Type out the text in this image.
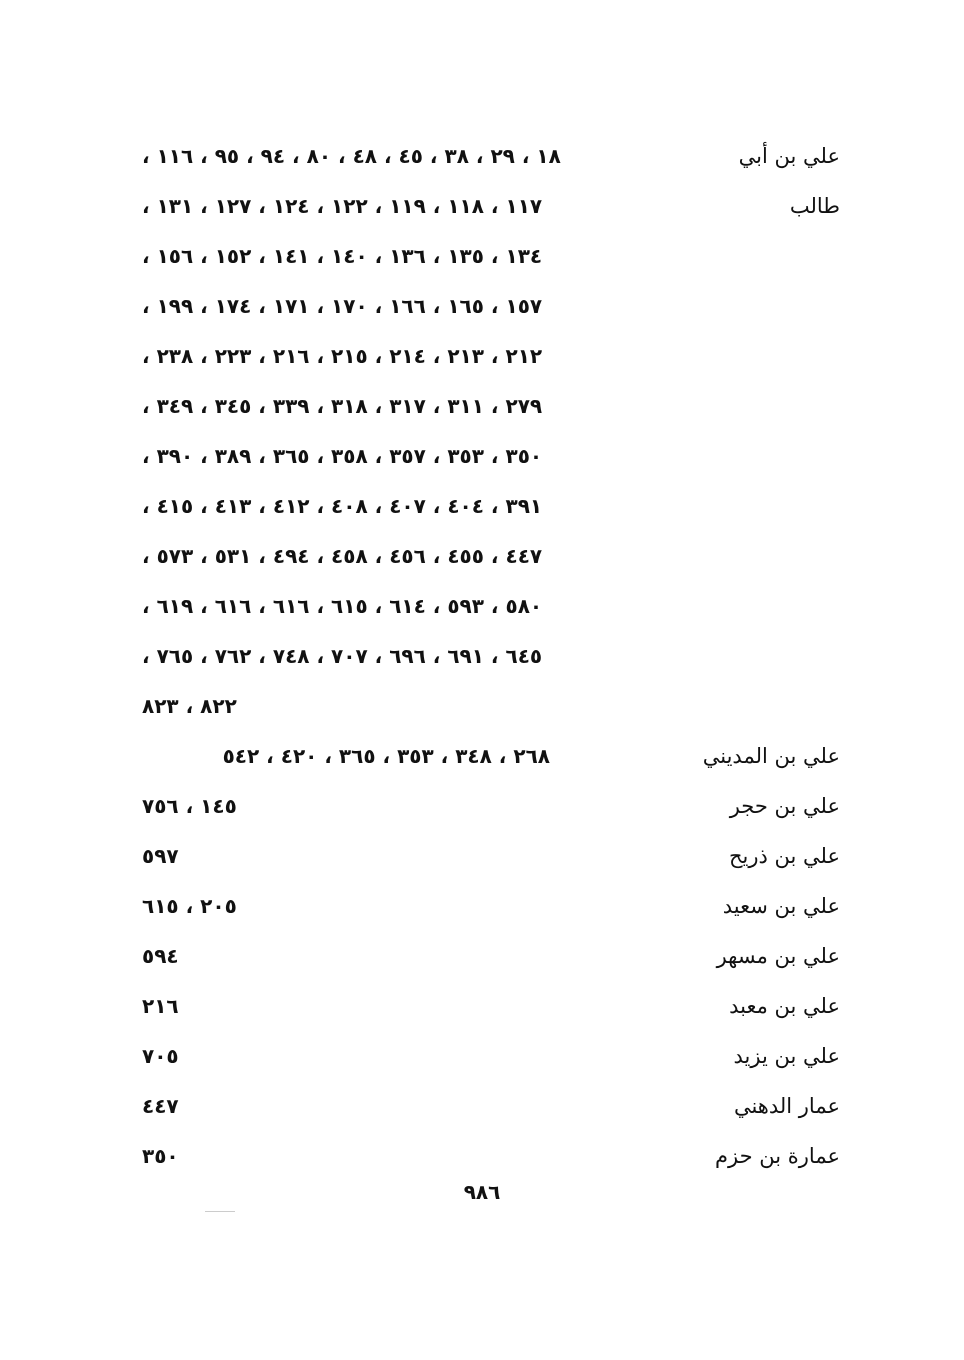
علي بن أبي طالب
١٨ ، ٢٩ ، ٣٨ ، ٤٥ ، ٤٨ ، ٨٠ ، ٩٤ ، ٩٥ ، ١١٦ ،
١١٧ ، ١١٨ ، ١١٩ ، ١٢٢ ، ١٢٤ ، ١٢٧ ، ١٣١ ،
١٣٤ ، ١٣٥ ، ١٣٦ ، ١٤٠ ، ١٤١ ، ١٥٢ ، ١٥٦ ،
١٥٧ ، ١٦٥ ، ١٦٦ ، ١٧٠ ، ١٧١ ، ١٧٤ ، ١٩٩ ،
٢١٢ ، ٢١٣ ، ٢١٤ ، ٢١٥ ، ٢١٦ ، ٢٢٣ ، ٢٣٨ ،
٢٧٩ ، ٣١١ ، ٣١٧ ، ٣١٨ ، ٣٣٩ ، ٣٤٥ ، ٣٤٩ ،
٣٥٠ ، ٣٥٣ ، ٣٥٧ ، ٣٥٨ ، ٣٦٥ ، ٣٨٩ ، ٣٩٠ ،
٣٩١ ، ٤٠٤ ، ٤٠٧ ، ٤٠٨ ، ٤١٢ ، ٤١٣ ، ٤١٥ ،
٤٤٧ ، ٤٥٥ ، ٤٥٦ ، ٤٥٨ ، ٤٩٤ ، ٥٣١ ، ٥٧٣ ،
٥٨٠ ، ٥٩٣ ، ٦١٤ ، ٦١٥ ، ٦١٦ ، ٦١٦ ، ٦١٩ ،
٦٤٥ ، ٦٩١ ، ٦٩٦ ، ٧٠٧ ، ٧٤٨ ، ٧٦٢ ، ٧٦٥ ،
٨٢٢ ، ٨٢٣
علي بن المديني
٢٦٨ ، ٣٤٨ ، ٣٥٣ ، ٣٦٥ ، ٤٢٠ ، ٥٤٢
علي بن حجر
١٤٥ ، ٧٥٦
علي بن ذريح
٥٩٧
علي بن سعيد
٢٠٥ ، ٦١٥
علي بن مسهر
٥٩٤
علي بن معبد
٢١٦
علي بن يزيد
٧٠٥
عمار الدهني
٤٤٧
عمارة بن حزم
٣٥٠
٩٨٦
